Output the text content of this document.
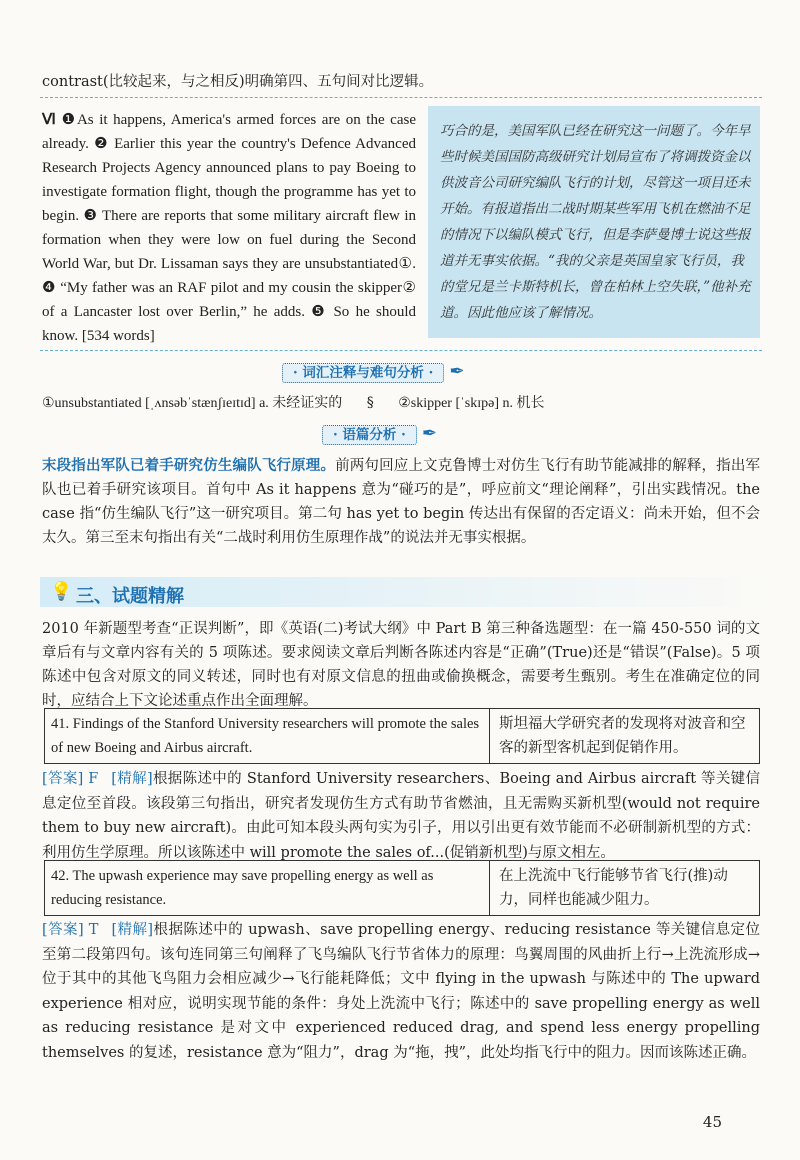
contrast(比较起来，与之相反)明确第四、五句间对比逻辑。
Ⅵ ❶As it happens, America's armed forces are on the case already. ❷ Earlier this year the country's Defence Advanced Research Projects Agency announced plans to pay Boeing to investigate formation flight, though the programme has yet to begin. ❸ There are reports that some military aircraft flew in formation when they were low on fuel during the Second World War, but Dr. Lissaman says they are unsubstantiated①. ❹ “My father was an RAF pilot and my cousin the skipper② of a Lancaster lost over Berlin,” he adds. ❺ So he should know. [534 words]
巧合的是，美国军队已经在研究这一问题了。今年早些时候美国国防高级研究计划局宣布了将调拨资金以供波音公司研究编队飞行的计划，尽管这一项目还未开始。有报道指出二战时期某些军用飞机在燃油不足的情况下以编队模式飞行，但是李萨曼博士说这些报道并无事实依据。“我的父亲是英国皇家飞行员，我的堂兄是兰卡斯特机长，曾在柏林上空失联，”他补充道。因此他应该了解情况。
· 词汇注释与难句分析 · ✒
①unsubstantiated [ˌʌnsəbˈstænʃɪeɪtɪd] a. 未经证实的 § ②skipper [ˈskɪpə] n. 机长
· 语篇分析 · ✒
末段指出军队已着手研究仿生编队飞行原理。前两句回应上文克鲁博士对仿生飞行有助节能减排的解释，指出军队也已着手研究该项目。首句中 As it happens 意为“碰巧的是”，呼应前文“理论阐释”，引出实践情况。the case 指“仿生编队飞行”这一研究项目。第二句 has yet to begin 传达出有保留的否定语义：尚未开始，但不会太久。第三至末句指出有关“二战时利用仿生原理作战”的说法并无事实根据。
💡 三、试题精解
2010 年新题型考查“正误判断”，即《英语(二)考试大纲》中 Part B 第三种备选题型：在一篇 450-550 词的文章后有与文章内容有关的 5 项陈述。要求阅读文章后判断各陈述内容是“正确”(True)还是“错误”(False)。5 项陈述中包含对原文的同义转述，同时也有对原文信息的扭曲或偷换概念，需要考生甄别。考生在准确定位的同时，应结合上下文论述重点作出全面理解。
41. Findings of the Stanford University researchers will promote the sales of new Boeing and Airbus aircraft.
斯坦福大学研究者的发现将对波音和空客的新型客机起到促销作用。
[答案] F [精解]根据陈述中的 Stanford University researchers、Boeing and Airbus aircraft 等关键信息定位至首段。该段第三句指出，研究者发现仿生方式有助节省燃油，且无需购买新机型(would not require them to buy new aircraft)。由此可知本段头两句实为引子，用以引出更有效节能而不必研制新机型的方式：利用仿生学原理。所以该陈述中 will promote the sales of...(促销新机型)与原文相左。
42. The upwash experience may save propelling energy as well as reducing resistance.
在上洗流中飞行能够节省飞行(推)动力，同样也能减少阻力。
[答案] T [精解]根据陈述中的 upwash、save propelling energy、reducing resistance 等关键信息定位至第二段第四句。该句连同第三句阐释了飞鸟编队飞行节省体力的原理：鸟翼周围的风曲折上行→上洗流形成→位于其中的其他飞鸟阻力会相应减少→飞行能耗降低；文中 flying in the upwash 与陈述中的 The upward experience 相对应，说明实现节能的条件：身处上洗流中飞行；陈述中的 save propelling energy as well as reducing resistance 是对文中 experienced reduced drag, and spend less energy propelling themselves 的复述，resistance 意为“阻力”，drag 为“拖，拽”，此处均指飞行中的阻力。因而该陈述正确。
45
